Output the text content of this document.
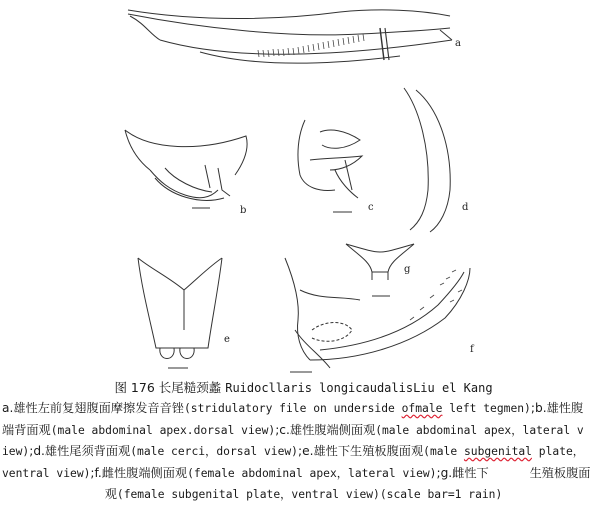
a
b	c	d
e
f
g
图 176 长尾糙颈蠡 Ruidocllaris longicaudalisLiu el Kang
a.雄性左前复翅腹面摩擦发音音锉(stridulatory file on underside ofmale left tegmen);b.雄性腹
端背面观(male abdominal apex.dorsal view);c.雄性腹端侧面观(male abdominal apex，lateral v
iew);d.雄性尾须背面观(male cerci，dorsal view);e.雄性下生殖板腹面观(male subgenital plate，
ventral view);f.雌性腹端侧面观(female abdominal apex，lateral view);g.雌性下	生殖板腹面
观(female subgenital plate，ventral view)(scale bar=1 rain)
